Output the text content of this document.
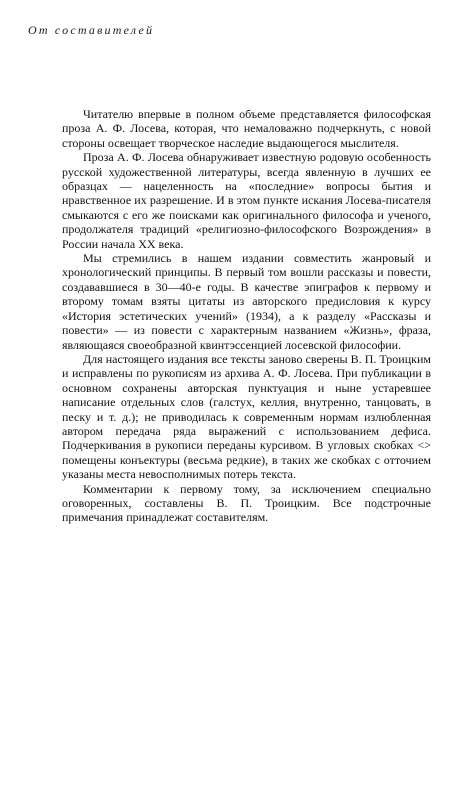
От составителей

Читателю впервые в полном объеме представляется философская проза А. Ф. Лосева, которая, что немаловажно подчеркнуть, с новой стороны освещает творческое наследие выдающегося мыслителя.

Проза А. Ф. Лосева обнаруживает известную родовую особенность русской художественной литературы, всегда явленную в лучших ее образцах — нацеленность на «последние» вопросы бытия и нравственное их разрешение. И в этом пункте искания Лосева-писателя смыкаются с его же поисками как оригинального философа и ученого, продолжателя традиций «религиозно-философского Возрождения» в России начала XX века.

Мы стремились в нашем издании совместить жанровый и хронологический принципы. В первый том вошли рассказы и повести, создававшиеся в 30—40-е годы. В качестве эпиграфов к первому и второму томам взяты цитаты из авторского предисловия к курсу «История эстетических учений» (1934), а к разделу «Рассказы и повести» — из повести с характерным названием «Жизнь», фраза, являющаяся своеобразной квинтэссенцией лосевской философии.

Для настоящего издания все тексты заново сверены В. П. Троицким и исправлены по рукописям из архива А. Ф. Лосева. При публикации в основном сохранены авторская пунктуация и ныне устаревшее написание отдельных слов (галстух, келлия, внутренно, танцовать, в песку и т. д.); не приводилась к современным нормам излюбленная автором передача ряда выражений с использованием дефиса. Подчеркивания в рукописи переданы курсивом. В угловых скобках <> помещены конъектуры (весьма редкие), в таких же скобках с отточием указаны места невосполнимых потерь текста.

Комментарии к первому тому, за исключением специально оговоренных, составлены В. П. Троицким. Все подстрочные примечания принадлежат составителям.
